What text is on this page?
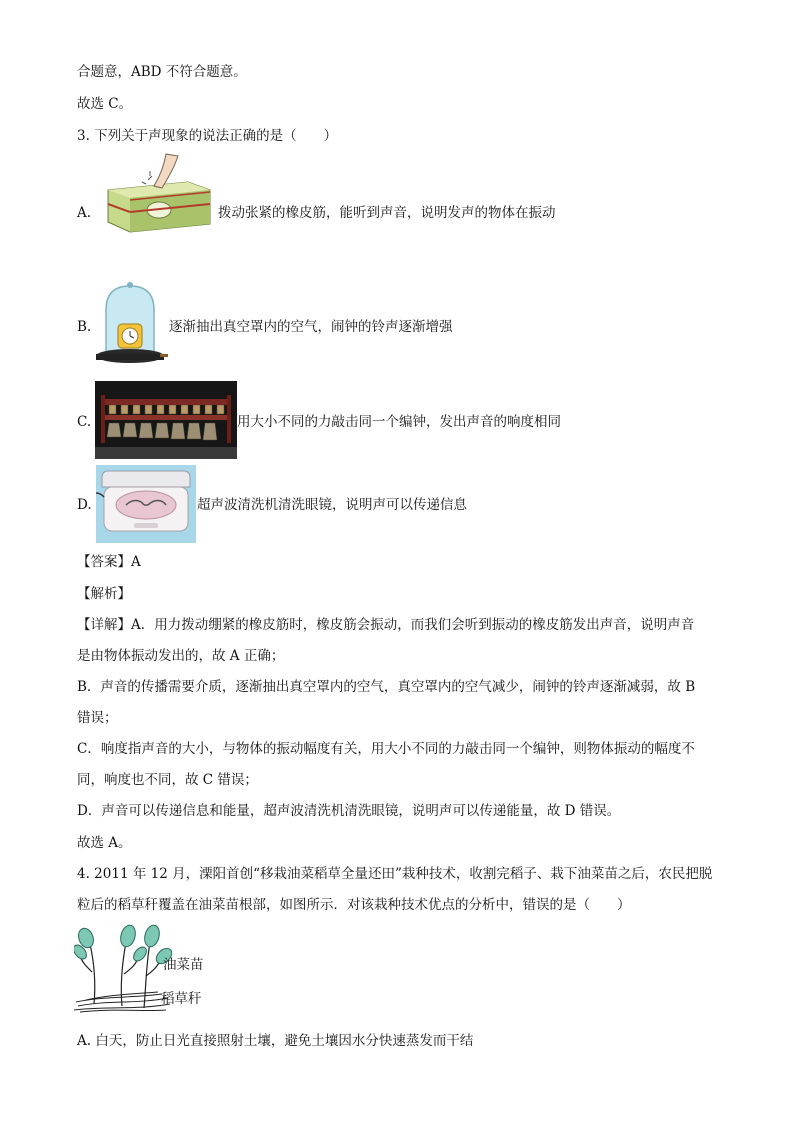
合题意，ABD 不符合题意。
故选 C。
3. 下列关于声现象的说法正确的是（　　）
A.	拨动张紧的橡皮筋，能听到声音，说明发声的物体在振动
B.	逐渐抽出真空罩内的空气，闹钟的铃声逐渐增强
C.	用大小不同的力敲击同一个编钟，发出声音的响度相同
D.	超声波清洗机清洗眼镜，说明声可以传递信息
【答案】A
【解析】
【详解】A．用力拨动绷紧的橡皮筋时，橡皮筋会振动，而我们会听到振动的橡皮筋发出声音，说明声音
是由物体振动发出的，故 A 正确；
B．声音的传播需要介质，逐渐抽出真空罩内的空气，真空罩内的空气减少，闹钟的铃声逐渐减弱，故 B
错误；
C．响度指声音的大小，与物体的振动幅度有关，用大小不同的力敲击同一个编钟，则物体振动的幅度不
同，响度也不同，故 C 错误；
D．声音可以传递信息和能量，超声波清洗机清洗眼镜，说明声可以传递能量，故 D 错误。
故选 A。
4. 2011 年 12 月，溧阳首创“移栽油菜稻草全量还田”栽种技术，收割完稻子、栽下油菜苗之后，农民把脱
粒后的稻草秆覆盖在油菜苗根部，如图所示．对该栽种技术优点的分析中，错误的是（　　）
油菜苗
稻草秆
A. 白天，防止日光直接照射土壤，避免土壤因水分快速蒸发而干结
